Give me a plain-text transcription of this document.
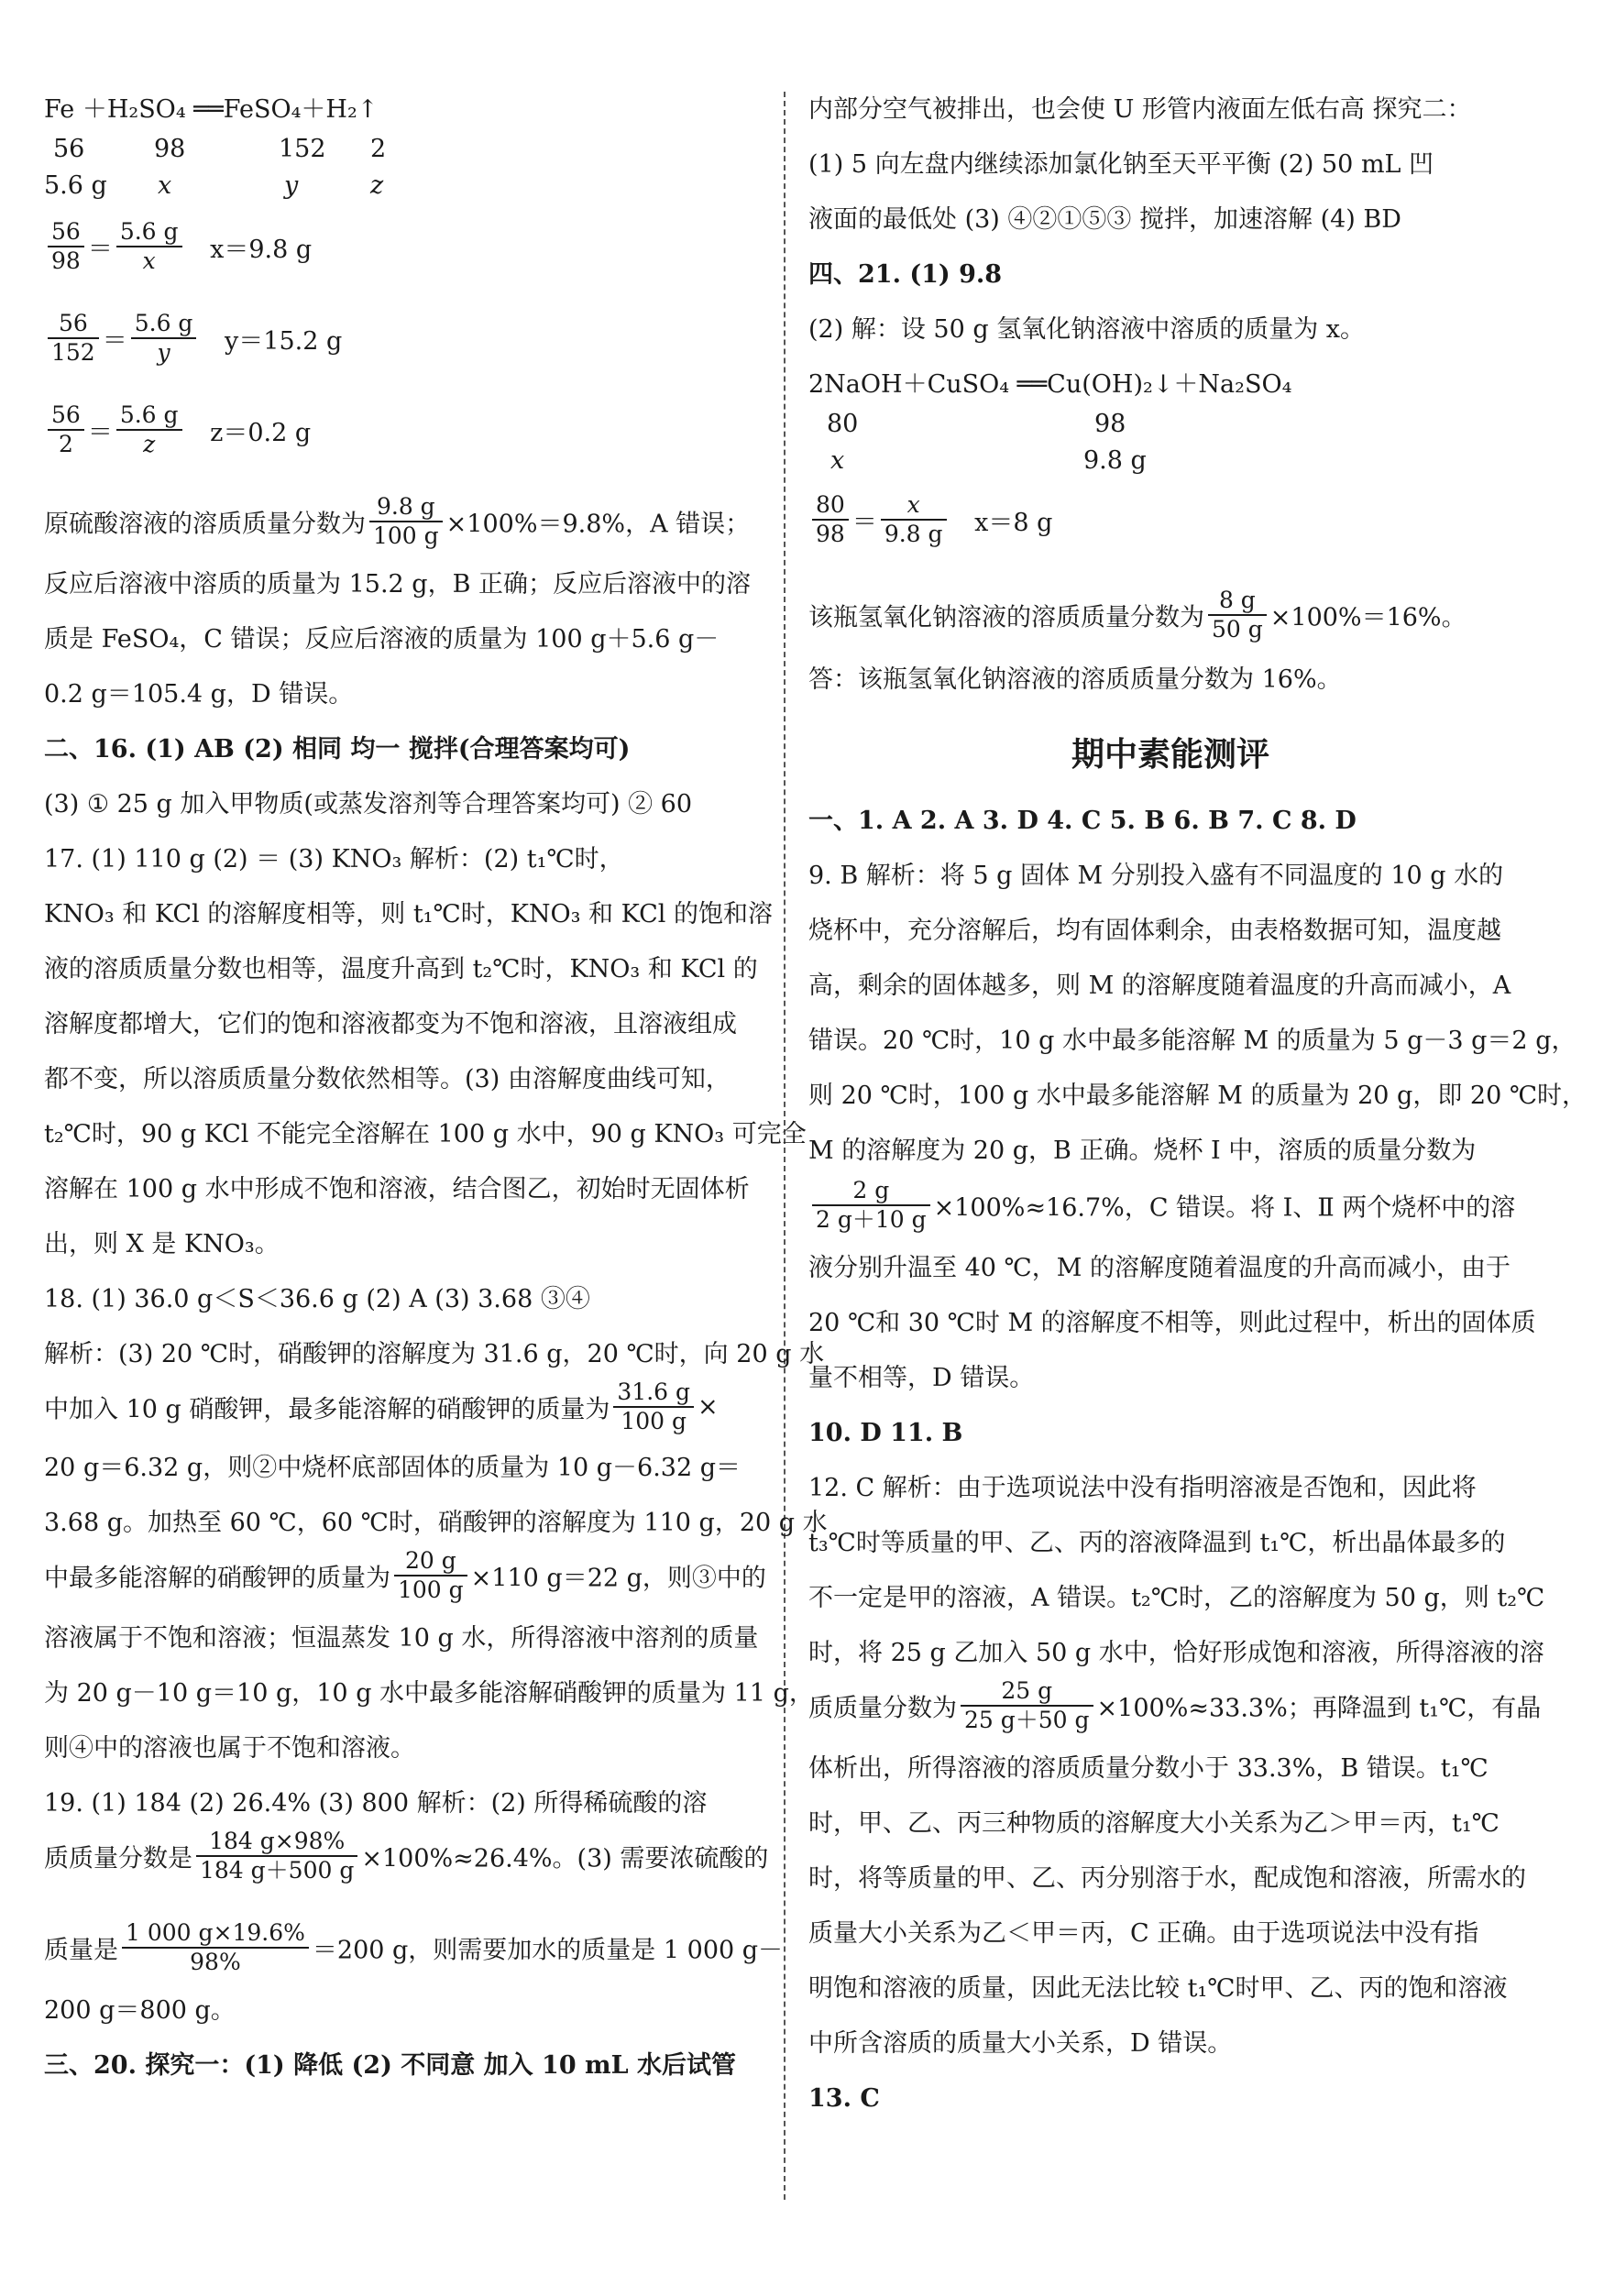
Fe ＋H₂SO₄ ══FeSO₄＋H₂↑
56	98	152 2
5.6 g x	y	z
$\frac{56}{98} = \frac{5.6 g}{x} x=9.8$ g
$\frac{56}{152} = \frac{5.6 g}{y} y=15.2$ g
$\frac{56}{2} = \frac{5.6 g}{z} z=0.2$ g
原硫酸溶液的溶质质量分数为 $\frac{9.8 g}{100 g} \times 100\%=9.8\%$，A 错误；
反应后溶液中溶质的质量为 15.2 g，B 正确；反应后溶液中的溶
质是 FeSO₄，C 错误；反应后溶液的质量为 100 g＋5.6 g－
0.2 g＝105.4 g，D 错误。
二、16. (1) AB (2) 相同 均一 搅拌(合理答案均可)
(3) ① 25 g 加入甲物质(或蒸发溶剂等合理答案均可) ② 60
17. (1) 110 g (2) ＝ (3) KNO₃ 解析：(2) t₁℃时，
KNO₃ 和 KCl 的溶解度相等，则 t₁℃时，KNO₃ 和 KCl 的饱和溶
液的溶质质量分数也相等，温度升高到 t₂℃时，KNO₃ 和 KCl 的
溶解度都增大，它们的饱和溶液都变为不饱和溶液，且溶液组成
都不变，所以溶质质量分数依然相等。(3) 由溶解度曲线可知，
t₂℃时，90 g KCl 不能完全溶解在 100 g 水中，90 g KNO₃ 可完全
溶解在 100 g 水中形成不饱和溶液，结合图乙，初始时无固体析
出，则 X 是 KNO₃。
18. (1) 36.0 g＜S＜36.6 g (2) A (3) 3.68 ③④
解析：(3) 20 ℃时，硝酸钾的溶解度为 31.6 g，20 ℃时，向 20 g 水
中加入 10 g 硝酸钾，最多能溶解的硝酸钾的质量为 $\frac{31.6 g}{100 g}$ ×
20 g＝6.32 g，则②中烧杯底部固体的质量为 10 g－6.32 g＝
3.68 g。加热至 60 ℃，60 ℃时，硝酸钾的溶解度为 110 g，20 g 水
中最多能溶解的硝酸钾的质量为 $\frac{20 g}{100 g} \times 110$ g＝22 g，则③中的
溶液属于不饱和溶液；恒温蒸发 10 g 水，所得溶液中溶剂的质量
为 20 g－10 g＝10 g，10 g 水中最多能溶解硝酸钾的质量为 11 g，
则④中的溶液也属于不饱和溶液。
19. (1) 184 (2) 26.4% (3) 800 解析：(2) 所得稀硫酸的溶
质质量分数是 $\frac{184 g\times 98\%}{184 g+500 g} \times 100\%\approx 26.4\%$。(3) 需要浓硫酸的
质量是 $\frac{1 000 g\times 19.6\%}{98\%} =200$ g，则需要加水的质量是 1 000 g－
200 g＝800 g。
三、20. 探究一：(1) 降低 (2) 不同意 加入 10 mL 水后试管
内部分空气被排出，也会使 U 形管内液面左低右高 探究二：
(1) 5 向左盘内继续添加氯化钠至天平平衡 (2) 50 mL 凹
液面的最低处 (3) ④②①⑤③ 搅拌，加速溶解 (4) BD
四、21. (1) 9.8
(2) 解：设 50 g 氢氧化钠溶液中溶质的质量为 x。
2NaOH＋CuSO₄ ══Cu(OH)₂↓＋Na₂SO₄
80	98
x	9.8 g
$\frac{80}{98} = \frac{x}{9.8 g} x=8$ g
该瓶氢氧化钠溶液的溶质质量分数为 $\frac{8 g}{50 g} \times 100\%=16\%$。
答：该瓶氢氧化钠溶液的溶质质量分数为 16%。
期中素能测评
一、1. A 2. A 3. D 4. C 5. B 6. B 7. C 8. D
9. B 解析：将 5 g 固体 M 分别投入盛有不同温度的 10 g 水的
烧杯中，充分溶解后，均有固体剩余，由表格数据可知，温度越
高，剩余的固体越多，则 M 的溶解度随着温度的升高而减小，A
错误。20 ℃时，10 g 水中最多能溶解 M 的质量为 5 g－3 g＝2 g，
则 20 ℃时，100 g 水中最多能溶解 M 的质量为 20 g，即 20 ℃时，
M 的溶解度为 20 g，B 正确。烧杯 Ⅰ 中，溶质的质量分数为
$\frac{2 g}{2 g+10 g} \times 100\%\approx 16.7\%$，C 错误。将 Ⅰ、Ⅱ 两个烧杯中的溶
液分别升温至 40 ℃，M 的溶解度随着温度的升高而减小，由于
20 ℃和 30 ℃时 M 的溶解度不相等，则此过程中，析出的固体质
量不相等，D 错误。
10. D 11. B
12. C 解析：由于选项说法中没有指明溶液是否饱和，因此将
t₃℃时等质量的甲、乙、丙的溶液降温到 t₁℃，析出晶体最多的
不一定是甲的溶液，A 错误。t₂℃时，乙的溶解度为 50 g，则 t₂℃
时，将 25 g 乙加入 50 g 水中，恰好形成饱和溶液，所得溶液的溶
质质量分数为 $\frac{25 g}{25 g+50 g} \times 100\%\approx 33.3\%$；再降温到 t₁℃，有晶
体析出，所得溶液的溶质质量分数小于 33.3%，B 错误。t₁℃
时，甲、乙、丙三种物质的溶解度大小关系为乙＞甲＝丙，t₁℃
时，将等质量的甲、乙、丙分别溶于水，配成饱和溶液，所需水的
质量大小关系为乙＜甲＝丙，C 正确。由于选项说法中没有指
明饱和溶液的质量，因此无法比较 t₁℃时甲、乙、丙的饱和溶液
中所含溶质的质量大小关系，D 错误。
13. C
